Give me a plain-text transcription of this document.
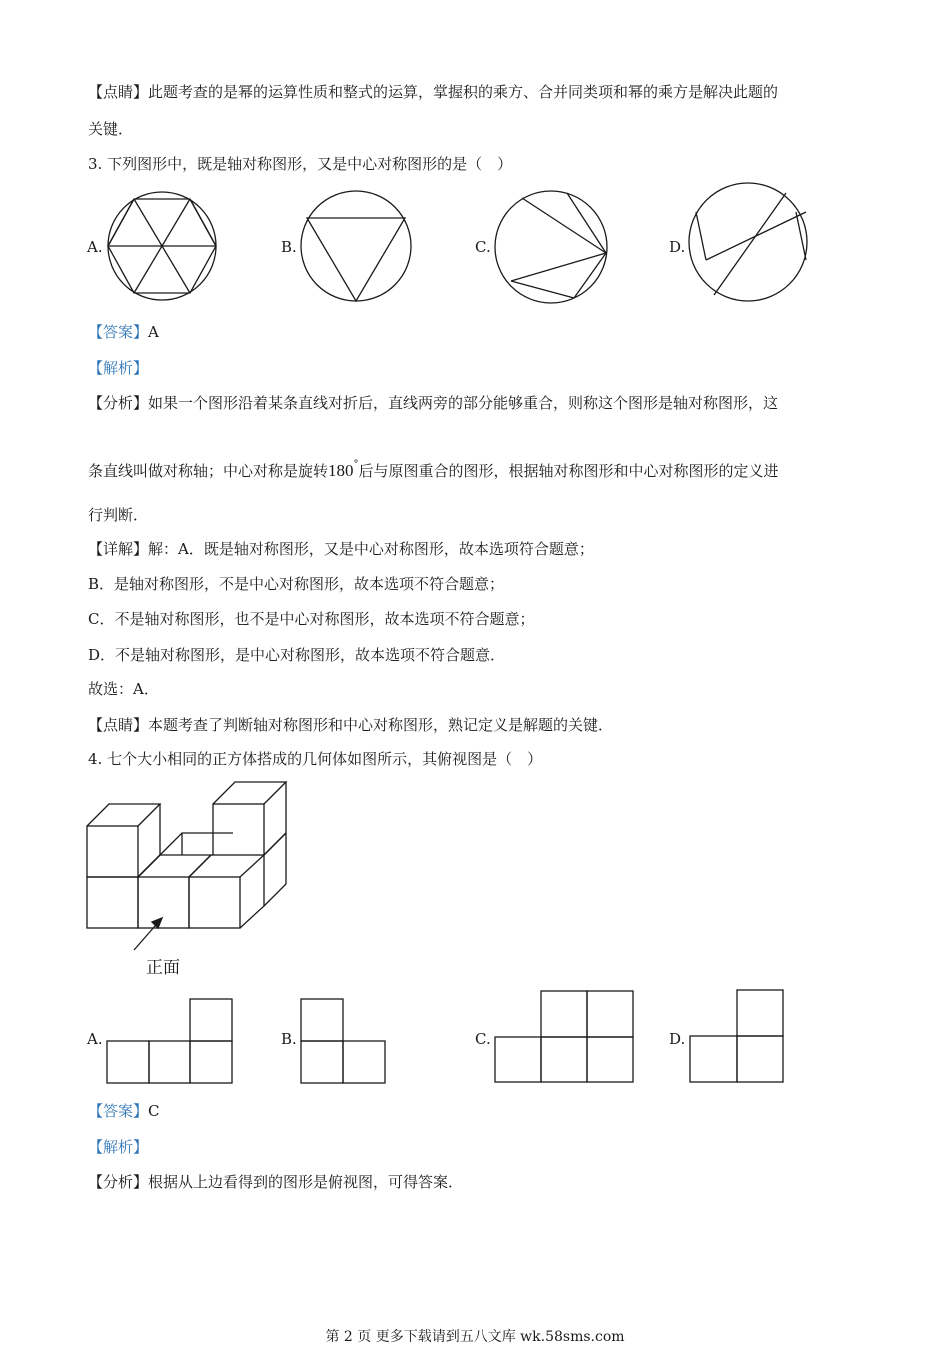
【点睛】此题考查的是幂的运算性质和整式的运算，掌握积的乘方、合并同类项和幂的乘方是解决此题的
关键．
3. 下列图形中，既是轴对称图形，又是中心对称图形的是（　）
A.	B.	C.	D.
【答案】A
【解析】
【分析】如果一个图形沿着某条直线对折后，直线两旁的部分能够重合，则称这个图形是轴对称图形，这
条直线叫做对称轴；中心对称是旋转180°后与原图重合的图形，根据轴对称图形和中心对称图形的定义进
行判断．
【详解】解：A．既是轴对称图形，又是中心对称图形，故本选项符合题意；
B．是轴对称图形，不是中心对称图形，故本选项不符合题意；
C．不是轴对称图形，也不是中心对称图形，故本选项不符合题意；
D．不是轴对称图形，是中心对称图形，故本选项不符合题意．
故选：A．
【点睛】本题考查了判断轴对称图形和中心对称图形，熟记定义是解题的关键．
4. 七个大小相同的正方体搭成的几何体如图所示，其俯视图是（　）
正面
A.	B.	C.	D.
【答案】C
【解析】
【分析】根据从上边看得到的图形是俯视图，可得答案．
第 2 页 更多下载请到五八文库 wk.58sms.com
